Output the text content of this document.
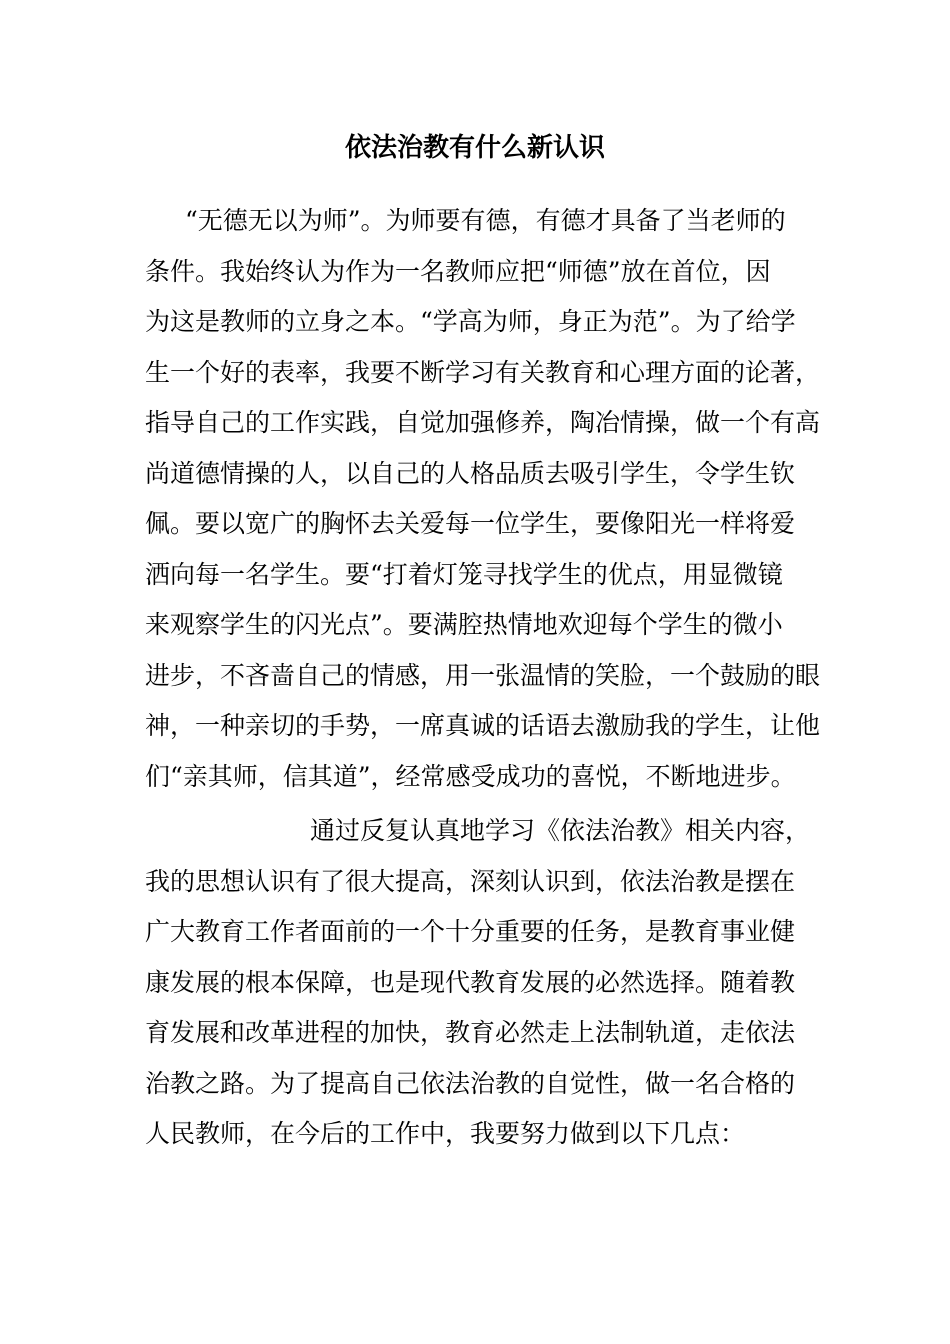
依法治教有什么新认识
“无德无以为师”。为师要有德，有德才具备了当老师的
条件。我始终认为作为一名教师应把“师德”放在首位，因
为这是教师的立身之本。“学高为师，身正为范”。为了给学
生一个好的表率，我要不断学习有关教育和心理方面的论著，
指导自己的工作实践，自觉加强修养，陶冶情操，做一个有高
尚道德情操的人，以自己的人格品质去吸引学生，令学生钦
佩。要以宽广的胸怀去关爱每一位学生，要像阳光一样将爱
洒向每一名学生。要“打着灯笼寻找学生的优点，用显微镜
来观察学生的闪光点”。要满腔热情地欢迎每个学生的微小
进步，不吝啬自己的情感，用一张温情的笑脸，一个鼓励的眼
神，一种亲切的手势，一席真诚的话语去激励我的学生，让他
们“亲其师，信其道”，经常感受成功的喜悦，不断地进步。
通过反复认真地学习《依法治教》相关内容，
我的思想认识有了很大提高，深刻认识到，依法治教是摆在
广大教育工作者面前的一个十分重要的任务，是教育事业健
康发展的根本保障，也是现代教育发展的必然选择。随着教
育发展和改革进程的加快，教育必然走上法制轨道，走依法
治教之路。为了提高自己依法治教的自觉性，做一名合格的
人民教师，在今后的工作中，我要努力做到以下几点：
